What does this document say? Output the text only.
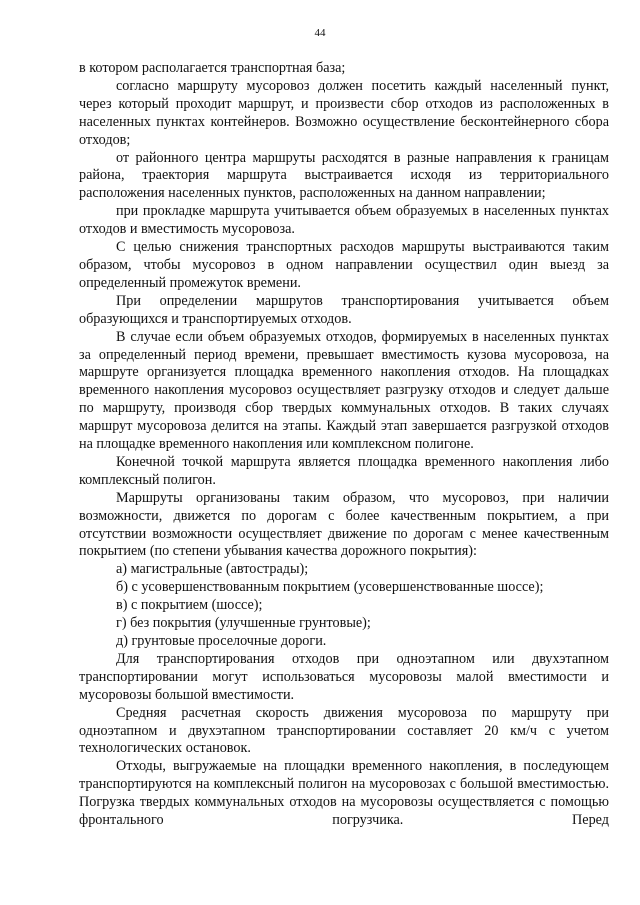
44

в котором располагается транспортная база;

согласно маршруту мусоровоз должен посетить каждый населенный пункт, через который проходит маршрут, и произвести сбор отходов из расположенных в населенных пунктах контейнеров. Возможно осуществление бесконтейнерного сбора отходов;

от районного центра маршруты расходятся в разные направления к границам района, траектория маршрута выстраивается исходя из территориального расположения населенных пунктов, расположенных на данном направлении;

при прокладке маршрута учитывается объем образуемых в населенных пунктах отходов и вместимость мусоровоза.

С целью снижения транспортных расходов маршруты выстраиваются таким образом, чтобы мусоровоз в одном направлении осуществил один выезд за определенный промежуток времени.

При определении маршрутов транспортирования учитывается объем образующихся и транспортируемых отходов.

В случае если объем образуемых отходов, формируемых в населенных пунктах за определенный период времени, превышает вместимость кузова мусоровоза, на маршруте организуется площадка временного накопления отходов. На площадках временного накопления мусоровоз осуществляет разгрузку отходов и следует дальше по маршруту, производя сбор твердых коммунальных отходов. В таких случаях маршрут мусоровоза делится на этапы. Каждый этап завершается разгрузкой отходов на площадке временного накопления или комплексном полигоне.

Конечной точкой маршрута является площадка временного накопления либо комплексный полигон.

Маршруты организованы таким образом, что мусоровоз, при наличии возможности, движется по дорогам с более качественным покрытием, а при отсутствии возможности осуществляет движение по дорогам с менее качественным покрытием (по степени убывания качества дорожного покрытия):

а) магистральные (автострады);

б) с усовершенствованным покрытием (усовершенствованные шоссе);

в) с покрытием (шоссе);

г) без покрытия (улучшенные грунтовые);

д) грунтовые проселочные дороги.

Для транспортирования отходов при одноэтапном или двухэтапном транспортировании могут использоваться мусоровозы малой вместимости и мусоровозы большой вместимости.

Средняя расчетная скорость движения мусоровоза по маршруту при одноэтапном и двухэтапном транспортировании составляет 20 км/ч с учетом технологических остановок.

Отходы, выгружаемые на площадки временного накопления, в последующем транспортируются на комплексный полигон на мусоровозах с большой вместимостью. Погрузка твердых коммунальных отходов на мусоровозы осуществляется с помощью фронтального погрузчика. Перед
